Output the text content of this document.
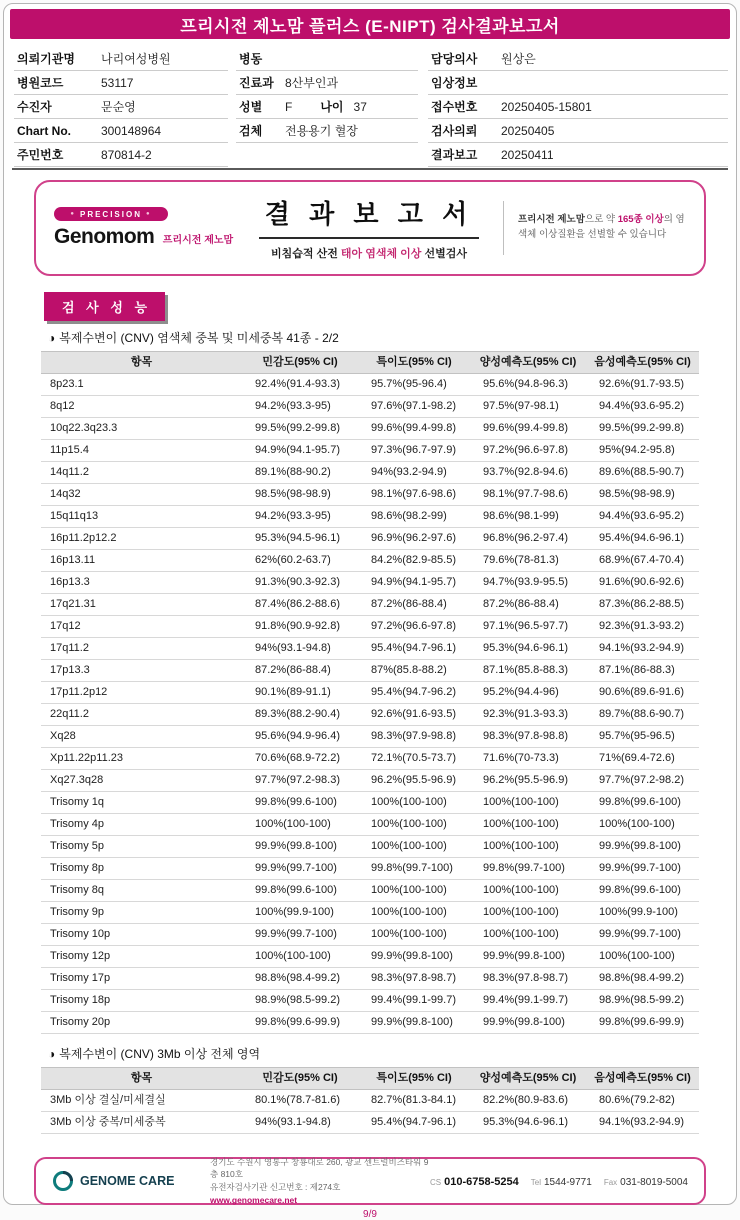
프리시전 제노맘 플러스 (E-NIPT) 검사결과보고서
의뢰기관명	나리여성병원
병원코드	53117
수진자	문순영
Chart No.	300148964
주민번호	870814-2
병동
진료과 8산부인과
성별	F 나이 37
검체	전용용기 혈장
담당의사	원상은
임상정보
접수번호	20250405-15801
검사의뢰	20250405
결과보고	20250411
● PRECISION ●
Genomom 프리시전 제노맘
결 과 보 고 서
비침습적 산전 태아 염색체 이상 선별검사
프리시전 제노맘으로 약 165종 이상의 염색체 이상질환을 선별할 수 있습니다
검 사 성 능
◑ 복제수변이 (CNV) 염색체 중복 및 미세중복 41종 - 2/2
항목	민감도(95% CI)	특이도(95% CI)	양성예측도(95% CI)	음성예측도(95% CI)
8p23.1	92.4%(91.4-93.3)	95.7%(95-96.4)	95.6%(94.8-96.3)	92.6%(91.7-93.5)
8q12	94.2%(93.3-95)	97.6%(97.1-98.2)	97.5%(97-98.1)	94.4%(93.6-95.2)
10q22.3q23.3	99.5%(99.2-99.8)	99.6%(99.4-99.8)	99.6%(99.4-99.8)	99.5%(99.2-99.8)
11p15.4	94.9%(94.1-95.7)	97.3%(96.7-97.9)	97.2%(96.6-97.8)	95%(94.2-95.8)
14q11.2	89.1%(88-90.2)	94%(93.2-94.9)	93.7%(92.8-94.6)	89.6%(88.5-90.7)
14q32	98.5%(98-98.9)	98.1%(97.6-98.6)	98.1%(97.7-98.6)	98.5%(98-98.9)
15q11q13	94.2%(93.3-95)	98.6%(98.2-99)	98.6%(98.1-99)	94.4%(93.6-95.2)
16p11.2p12.2	95.3%(94.5-96.1)	96.9%(96.2-97.6)	96.8%(96.2-97.4)	95.4%(94.6-96.1)
16p13.11	62%(60.2-63.7)	84.2%(82.9-85.5)	79.6%(78-81.3)	68.9%(67.4-70.4)
16p13.3	91.3%(90.3-92.3)	94.9%(94.1-95.7)	94.7%(93.9-95.5)	91.6%(90.6-92.6)
17q21.31	87.4%(86.2-88.6)	87.2%(86-88.4)	87.2%(86-88.4)	87.3%(86.2-88.5)
17q12	91.8%(90.9-92.8)	97.2%(96.6-97.8)	97.1%(96.5-97.7)	92.3%(91.3-93.2)
17q11.2	94%(93.1-94.8)	95.4%(94.7-96.1)	95.3%(94.6-96.1)	94.1%(93.2-94.9)
17p13.3	87.2%(86-88.4)	87%(85.8-88.2)	87.1%(85.8-88.3)	87.1%(86-88.3)
17p11.2p12	90.1%(89-91.1)	95.4%(94.7-96.2)	95.2%(94.4-96)	90.6%(89.6-91.6)
22q11.2	89.3%(88.2-90.4)	92.6%(91.6-93.5)	92.3%(91.3-93.3)	89.7%(88.6-90.7)
Xq28	95.6%(94.9-96.4)	98.3%(97.9-98.8)	98.3%(97.8-98.8)	95.7%(95-96.5)
Xp11.22p11.23	70.6%(68.9-72.2)	72.1%(70.5-73.7)	71.6%(70-73.3)	71%(69.4-72.6)
Xq27.3q28	97.7%(97.2-98.3)	96.2%(95.5-96.9)	96.2%(95.5-96.9)	97.7%(97.2-98.2)
Trisomy 1q	99.8%(99.6-100)	100%(100-100)	100%(100-100)	99.8%(99.6-100)
Trisomy 4p	100%(100-100)	100%(100-100)	100%(100-100)	100%(100-100)
Trisomy 5p	99.9%(99.8-100)	100%(100-100)	100%(100-100)	99.9%(99.8-100)
Trisomy 8p	99.9%(99.7-100)	99.8%(99.7-100)	99.8%(99.7-100)	99.9%(99.7-100)
Trisomy 8q	99.8%(99.6-100)	100%(100-100)	100%(100-100)	99.8%(99.6-100)
Trisomy 9p	100%(99.9-100)	100%(100-100)	100%(100-100)	100%(99.9-100)
Trisomy 10p	99.9%(99.7-100)	100%(100-100)	100%(100-100)	99.9%(99.7-100)
Trisomy 12p	100%(100-100)	99.9%(99.8-100)	99.9%(99.8-100)	100%(100-100)
Trisomy 17p	98.8%(98.4-99.2)	98.3%(97.8-98.7)	98.3%(97.8-98.7)	98.8%(98.4-99.2)
Trisomy 18p	98.9%(98.5-99.2)	99.4%(99.1-99.7)	99.4%(99.1-99.7)	98.9%(98.5-99.2)
Trisomy 20p	99.8%(99.6-99.9)	99.9%(99.8-100)	99.9%(99.8-100)	99.8%(99.6-99.9)
◑ 복제수변이 (CNV) 3Mb 이상 전체 영역
항목	민감도(95% CI)	특이도(95% CI)	양성예측도(95% CI)	음성예측도(95% CI)
3Mb 이상 결실/미세결실	80.1%(78.7-81.6)	82.7%(81.3-84.1)	82.2%(80.9-83.6)	80.6%(79.2-82)
3Mb 이상 중복/미세중복	94%(93.1-94.8)	95.4%(94.7-96.1)	95.3%(94.6-96.1)	94.1%(93.2-94.9)
GENOME CARE
경기도 수원시 영통구 창룡대로 260, 광교 센트럴비즈타워 9층 810호
유전자검사기관 신고번호 : 제274호
www.genomecare.net
CS 010-6758-5254 Tel 1544-9771 Fax 031-8019-5004
9/9
